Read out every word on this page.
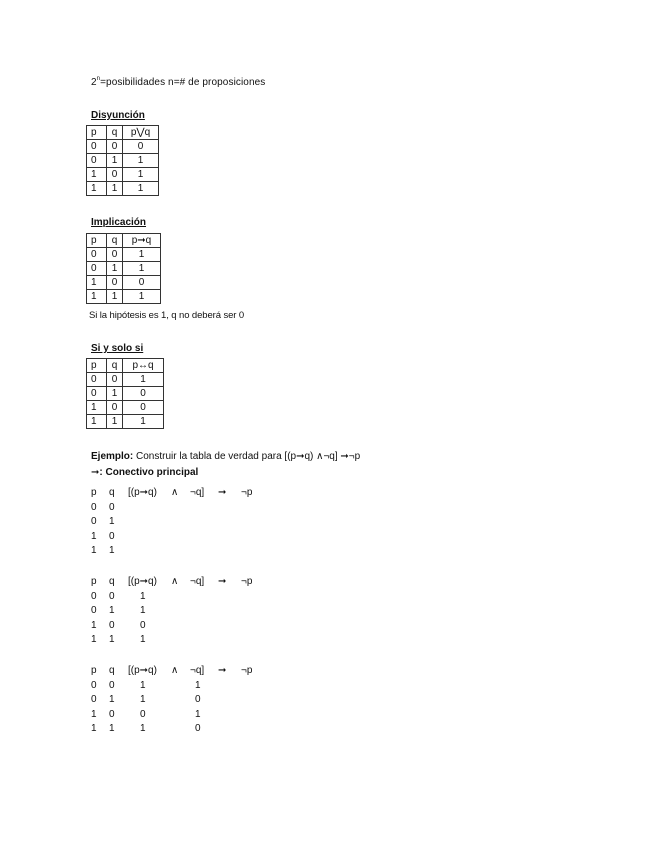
$2^n=posibilidades$ n=# de proposiciones
Disyunción
p	q	p⋁q
0	0	0
0	1	1
1	0	1
1	1	1
Implicación
p	q	p➞q
0	0	1
0	1	1
1	0	0
1	1	1
Si la hipótesis es 1, q no deberá ser 0
Si y solo si
p	q	p↔q
0	0	1
0	1	0
1	0	0
1	1	1
Ejemplo: Construir la tabla de verdad para [(p➞q) ∧¬q] ➞¬p
➞: Conectivo principal
p q [(p➞q) ∧ ¬q] ➞ ¬p
0 0
0 1
1 0
1 1
p q [(p➞q) ∧ ¬q] ➞ ¬p
0 0	1
0 1	1
1 0	0
1 1	1
p q [(p➞q) ∧ ¬q] ➞ ¬p
0 0	1	1
0 1	1	0
1 0	0	1
1 1	1	0
